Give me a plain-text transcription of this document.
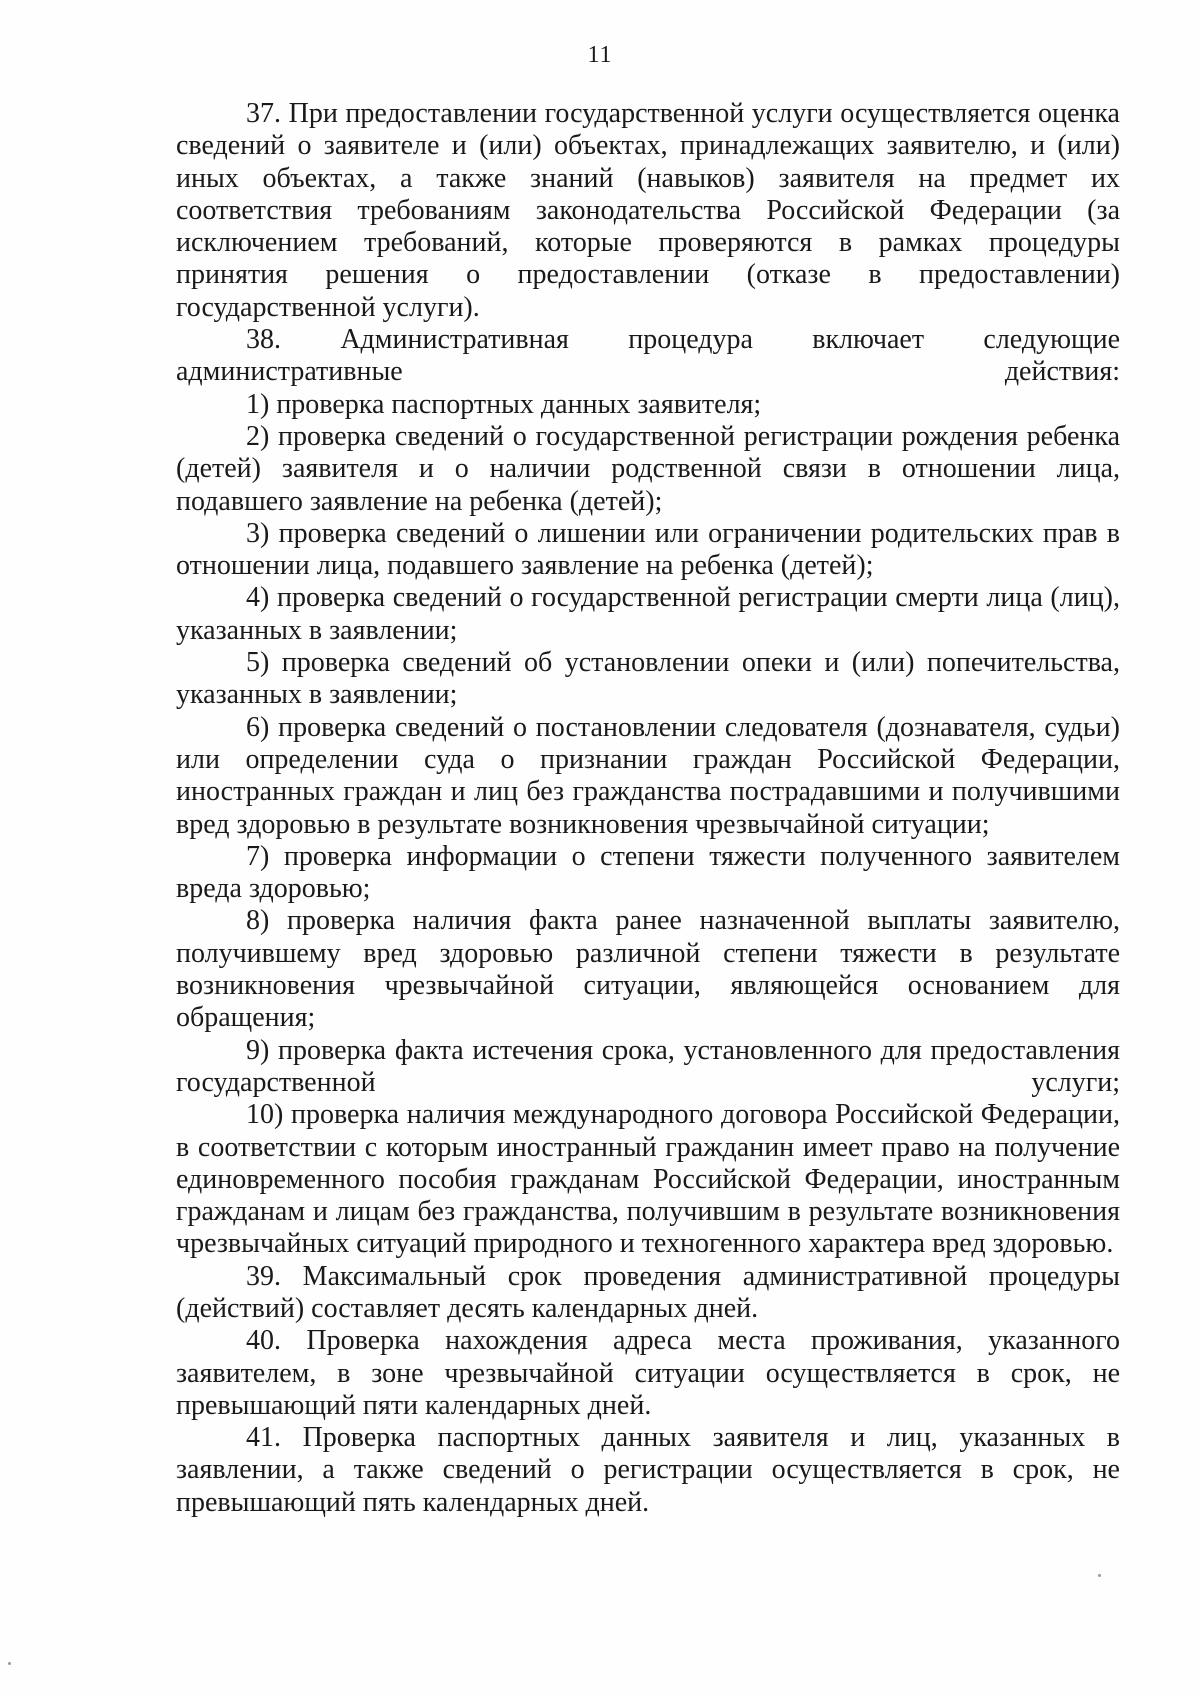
11

37. При предоставлении государственной услуги осуществляется оценка сведений о заявителе и (или) объектах, принадлежащих заявителю, и (или) иных объектах, а также знаний (навыков) заявителя на предмет их соответствия требованиям законодательства Российской Федерации (за исключением требований, которые проверяются в рамках процедуры принятия решения о предоставлении (отказе в предоставлении) государственной услуги).

38. Административная процедура включает следующие административные действия:

1) проверка паспортных данных заявителя;

2) проверка сведений о государственной регистрации рождения ребенка (детей) заявителя и о наличии родственной связи в отношении лица, подавшего заявление на ребенка (детей);

3) проверка сведений о лишении или ограничении родительских прав в отношении лица, подавшего заявление на ребенка (детей);

4) проверка сведений о государственной регистрации смерти лица (лиц), указанных в заявлении;

5) проверка сведений об установлении опеки и (или) попечительства, указанных в заявлении;

6) проверка сведений о постановлении следователя (дознавателя, судьи) или определении суда о признании граждан Российской Федерации, иностранных граждан и лиц без гражданства пострадавшими и получившими вред здоровью в результате возникновения чрезвычайной ситуации;

7) проверка информации о степени тяжести полученного заявителем вреда здоровью;

8) проверка наличия факта ранее назначенной выплаты заявителю, получившему вред здоровью различной степени тяжести в результате возникновения чрезвычайной ситуации, являющейся основанием для обращения;

9) проверка факта истечения срока, установленного для предоставления государственной услуги;

10) проверка наличия международного договора Российской Федерации, в соответствии с которым иностранный гражданин имеет право на получение единовременного пособия гражданам Российской Федерации, иностранным гражданам и лицам без гражданства, получившим в результате возникновения чрезвычайных ситуаций природного и техногенного характера вред здоровью.

39. Максимальный срок проведения административной процедуры (действий) составляет десять календарных дней.

40. Проверка нахождения адреса места проживания, указанного заявителем, в зоне чрезвычайной ситуации осуществляется в срок, не превышающий пяти календарных дней.

41. Проверка паспортных данных заявителя и лиц, указанных в заявлении, а также сведений о регистрации осуществляется в срок, не превышающий пять календарных дней.
